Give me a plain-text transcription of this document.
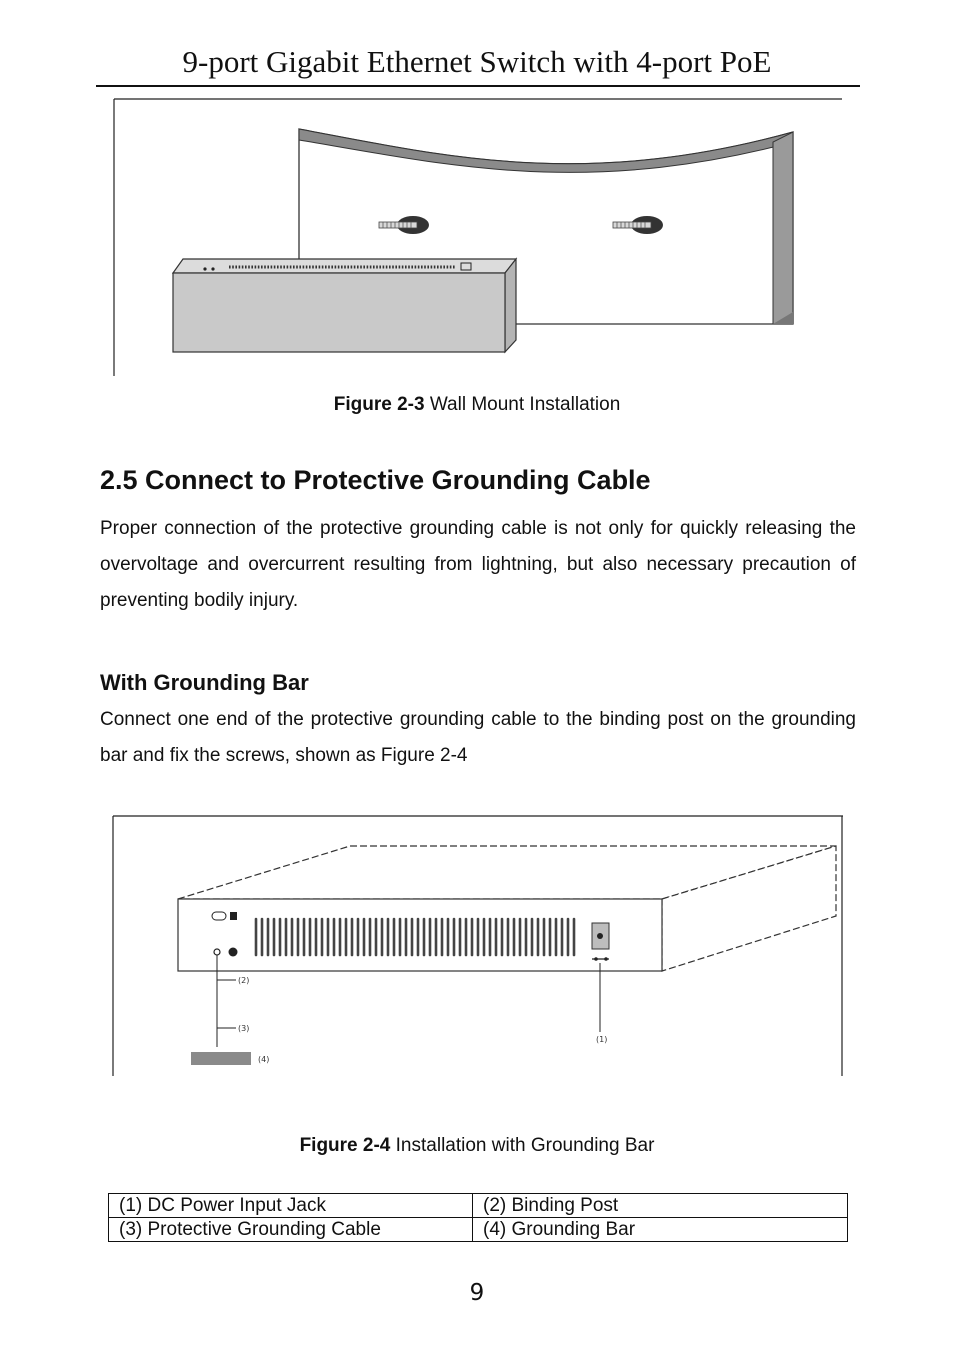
9-port Gigabit Ethernet Switch with 4-port PoE
Figure 2-3 Wall Mount Installation
2.5 Connect to Protective Grounding Cable
Proper connection of the protective grounding cable is not only for quickly releasing the overvoltage and overcurrent resulting from lightning, but also necessary precaution of preventing bodily injury.
With Grounding Bar
Connect one end of the protective grounding cable to the binding post on the grounding bar and fix the screws, shown as Figure 2-4
(2)
(3)
(4)
(1)
Figure 2-4 Installation with Grounding Bar
(1) DC Power Input Jack	(2) Binding Post
(3) Protective Grounding Cable	(4) Grounding Bar
9
